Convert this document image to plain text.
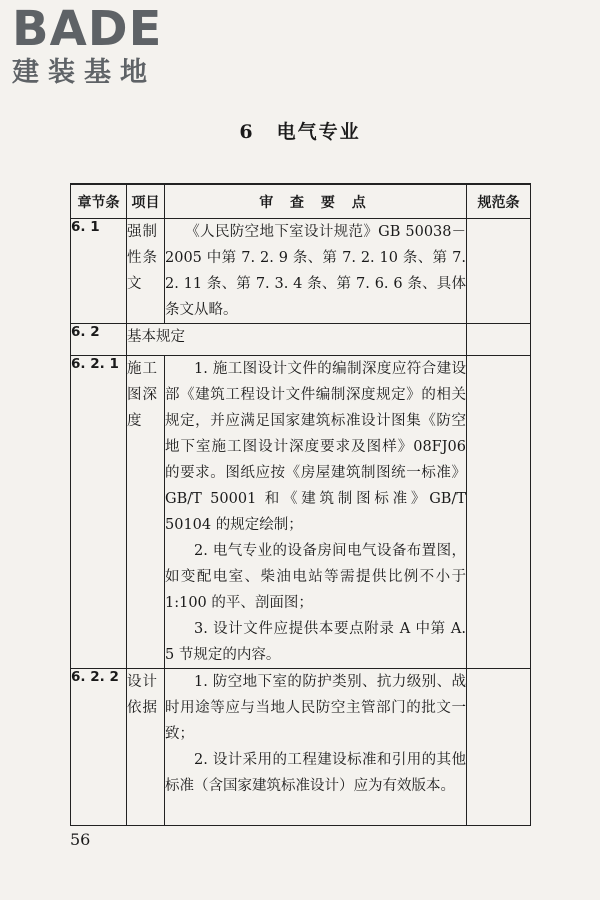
BADE
建装基地
6 电气专业
章节条	项目	审 查 要 点	规范条
6. 1	强制性条文	《人民防空地下室设计规范》GB 50038－2005 中第 7. 2. 9 条、第 7. 2. 10 条、第 7. 2. 11 条、第 7. 3. 4 条、第 7. 6. 6 条、具体条文从略。	

6. 2	基本规定		
6. 2. 1	施工图深度	1. 施工图设计文件的编制深度应符合建设部《建筑工程设计文件编制深度规定》的相关规定，并应满足国家建筑标准设计图集《防空地下室施工图设计深度要求及图样》08FJ06 的要求。图纸应按《房屋建筑制图统一标准》GB/T 50001 和《建筑制图标准》GB/T 50104 的规定绘制；

2. 电气专业的设备房间电气设备布置图，如变配电室、柴油电站等需提供比例不小于 1:100 的平、剖面图；

3. 设计文件应提供本要点附录 A 中第 A. 5 节规定的内容。	

6. 2. 2	设计依据	1. 防空地下室的防护类别、抗力级别、战时用途等应与当地人民防空主管部门的批文一致；

2. 设计采用的工程建设标准和引用的其他标准（含国家建筑标准设计）应为有效版本。	

56
